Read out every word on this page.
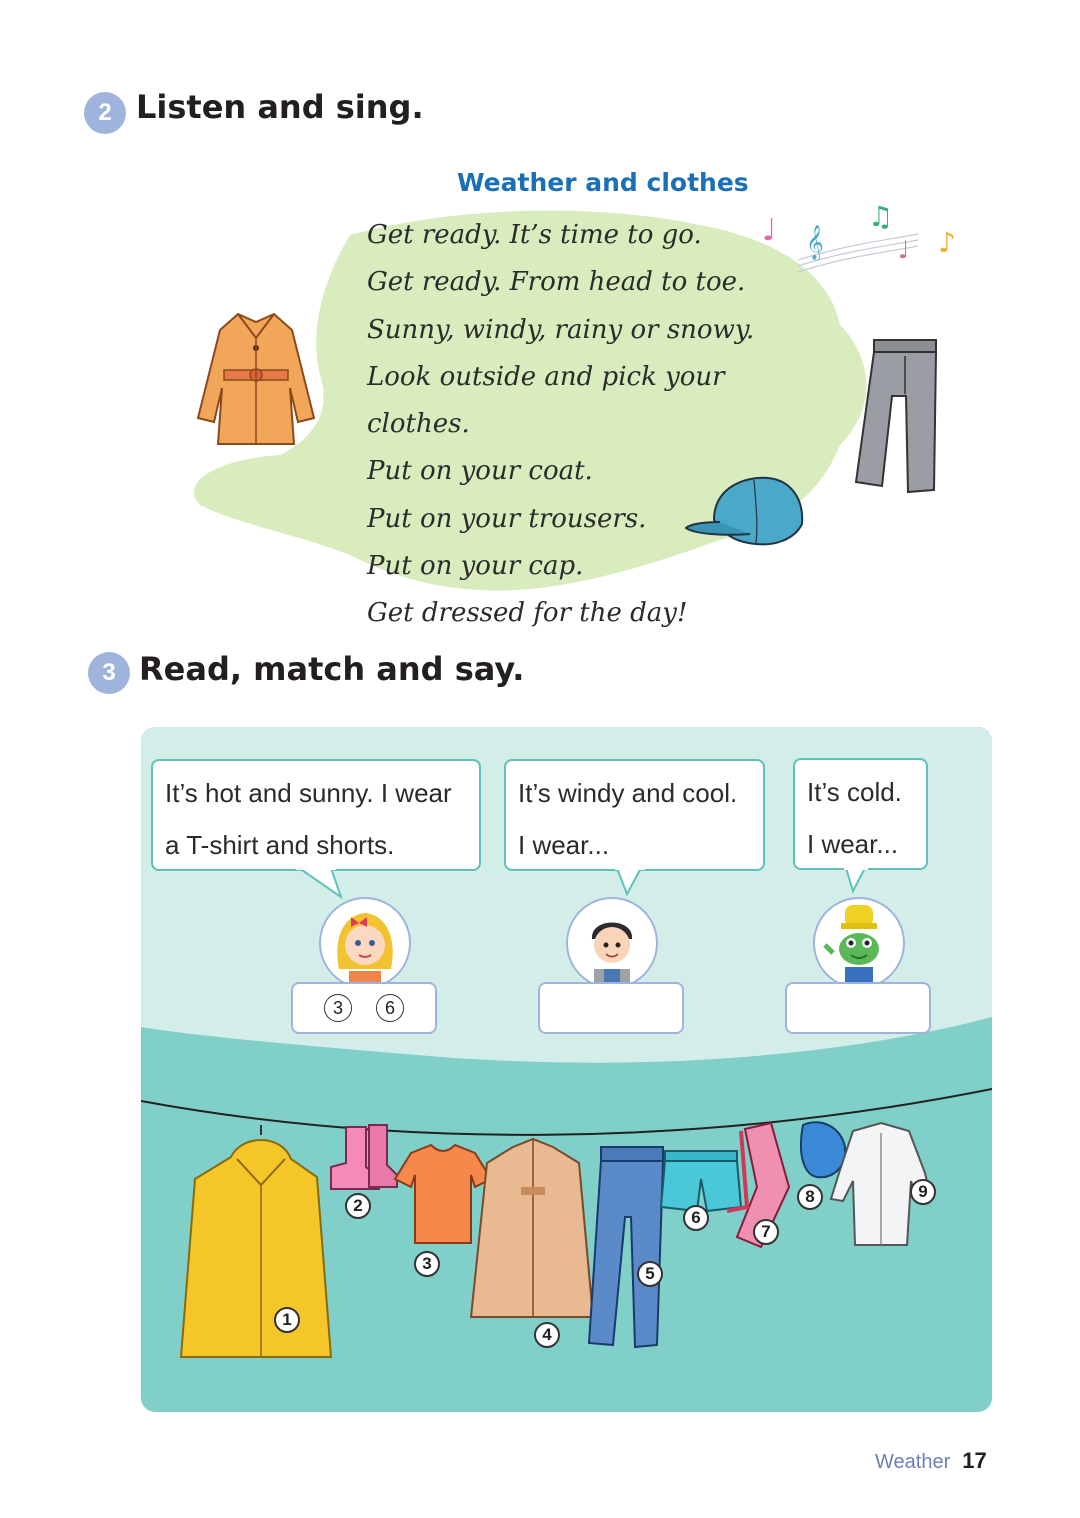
2 Listen and sing.
Weather and clothes
Get ready. It’s time to go.
Get ready. From head to toe.
Sunny, windy, rainy or snowy.
Look outside and pick your clothes.
Put on your coat.
Put on your trousers.
Put on your cap.
Get dressed for the day!
♩ 𝄞
♫
♩ ♪
3 Read, match and say.
It’s hot and sunny. I wear
a T-shirt and shorts.
It’s windy and cool.
I wear...
It’s cold.
I wear...
3	6
1
2
3
4
5
6
7
8	9
Weather 17
